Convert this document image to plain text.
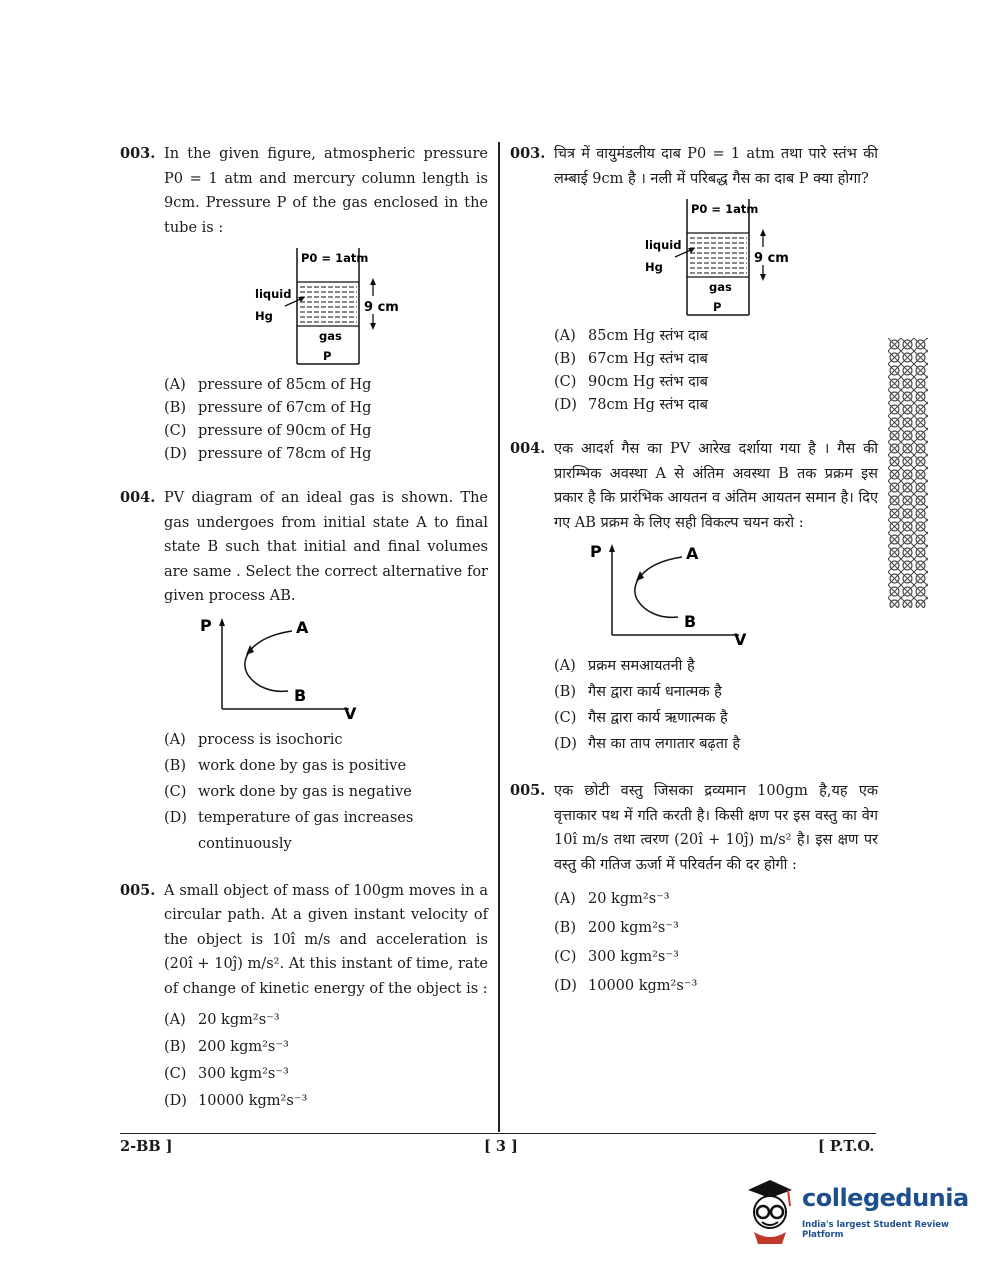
003. In the given figure, atmospheric pressure P0 = 1 atm and mercury column length is 9cm. Pressure P of the gas enclosed in the tube is :
P0 = 1atm
liquid
Hg
9 cm
gas
P
(A) pressure of 85cm of Hg
(B) pressure of 67cm of Hg
(C) pressure of 90cm of Hg
(D) pressure of 78cm of Hg
004. PV diagram of an ideal gas is shown. The gas undergoes from initial state A to final state B such that initial and final volumes are same . Select the correct alternative for given process AB.
P
V
A
B
(A) process is isochoric
(B) work done by gas is positive
(C) work done by gas is negative
(D) temperature of gas increases continuously
005. A small object of mass of 100gm moves in a circular path. At a given instant velocity of the object is 10î m/s and acceleration is (20î + 10ĵ) m/s². At this instant of time, rate of change of kinetic energy of the object is :
(A) 20 kgm²s⁻³
(B) 200 kgm²s⁻³
(C) 300 kgm²s⁻³
(D) 10000 kgm²s⁻³
003. चित्र में वायुमंडलीय दाब P0 = 1 atm तथा पारे स्तंभ की लम्बाई 9cm है । नली में परिबद्ध गैस का दाब P क्या होगा?
P0 = 1atm
liquid
Hg
9 cm
gas
P
(A) 85cm Hg स्तंभ दाब
(B) 67cm Hg स्तंभ दाब
(C) 90cm Hg स्तंभ दाब
(D) 78cm Hg स्तंभ दाब
004. एक आदर्श गैस का PV आरेख दर्शाया गया है । गैस की प्रारम्भिक अवस्था A से अंतिम अवस्था B तक प्रक्रम इस प्रकार है कि प्रारंभिक आयतन व अंतिम आयतन समान है। दिए गए AB प्रक्रम के लिए सही विकल्प चयन करो :
P
V
A
B
(A) प्रक्रम समआयतनी है
(B) गैस द्वारा कार्य धनात्मक है
(C) गैस द्वारा कार्य ऋणात्मक है
(D) गैस का ताप लगातार बढ़ता है
005. एक छोटी वस्तु जिसका द्रव्यमान 100gm है,यह एक वृत्ताकार पथ में गति करती है। किसी क्षण पर इस वस्तु का वेग 10î m/s तथा त्वरण (20î + 10ĵ) m/s² है। इस क्षण पर वस्तु की गतिज ऊर्जा में परिवर्तन की दर होगी :
(A) 20 kgm²s⁻³
(B) 200 kgm²s⁻³
(C) 300 kgm²s⁻³
(D) 10000 kgm²s⁻³
2-BB ]	[ 3 ]	[ P.T.O.
collegedunia
India's largest Student Review Platform
